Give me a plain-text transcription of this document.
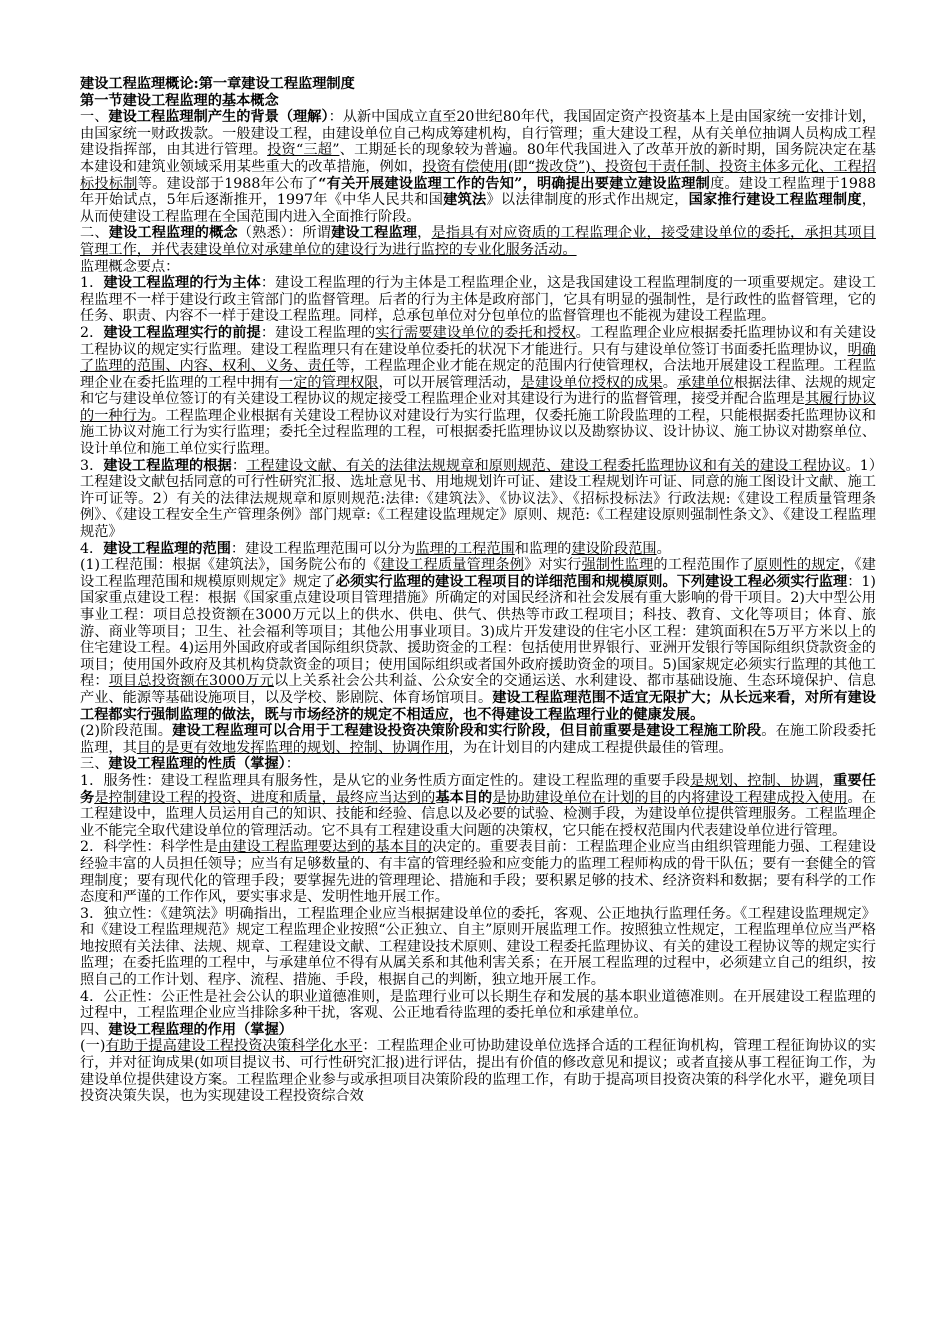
建设工程监理概论:第一章建设工程监理制度

第一节建设工程监理的基本概念

一、建设工程监理制产生的背景（理解）：从新中国成立直至20世纪80年代，我国固定资产投资基本上是由国家统一安排计划，由国家统一财政拨款。一般建设工程，由建设单位自己构成筹建机构，自行管理；重大建设工程，从有关单位抽调人员构成工程建设指挥部，由其进行管理。投资“三超”、工期延长的现象较为普遍。80年代我国进入了改革开放的新时期，国务院决定在基本建设和建筑业领域采用某些重大的改革措施，例如，投资有偿使用(即“拨改贷”)、投资包干责任制、投资主体多元化、工程招标投标制等。建设部于1988年公布了“有关开展建设监理工作的告知”，明确提出要建立建设监理制度。建设工程监理于1988年开始试点，5年后逐渐推开，1997年《中华人民共和国建筑法》以法律制度的形式作出规定，国家推行建设工程监理制度，从而使建设工程监理在全国范围内进入全面推行阶段。

二、建设工程监理的概念（熟悉）：所谓建设工程监理，是指具有对应资质的工程监理企业，接受建设单位的委托，承担其项目管理工作，并代表建设单位对承建单位的建设行为进行监控的专业化服务活动。

监理概念要点：

1．建设工程监理的行为主体：建设工程监理的行为主体是工程监理企业，这是我国建设工程监理制度的一项重要规定。建设工程监理不一样于建设行政主管部门的监督管理。后者的行为主体是政府部门，它具有明显的强制性，是行政性的监督管理，它的任务、职责、内容不一样于建设工程监理。同样，总承包单位对分包单位的监督管理也不能视为建设工程监理。

2．建设工程监理实行的前提：建设工程监理的实行需要建设单位的委托和授权。工程监理企业应根据委托监理协议和有关建设工程协议的规定实行监理。建设工程监理只有在建设单位委托的状况下才能进行。只有与建设单位签订书面委托监理协议，明确了监理的范围、内容、权利、义务、责任等，工程监理企业才能在规定的范围内行使管理权，合法地开展建设工程监理。工程监理企业在委托监理的工程中拥有一定的管理权限，可以开展管理活动，是建设单位授权的成果。承建单位根据法律、法规的规定和它与建设单位签订的有关建设工程协议的规定接受工程监理企业对其建设行为进行的监督管理，接受并配合监理是其履行协议的一种行为。工程监理企业根据有关建设工程协议对建设行为实行监理，仅委托施工阶段监理的工程，只能根据委托监理协议和施工协议对施工行为实行监理；委托全过程监理的工程，可根据委托监理协议以及勘察协议、设计协议、施工协议对勘察单位、设计单位和施工单位实行监理。

3．建设工程监理的根据：工程建设文献、有关的法律法规规章和原则规范、建设工程委托监理协议和有关的建设工程协议。1）工程建设文献包括同意的可行性研究汇报、选址意见书、用地规划许可证、建设工程规划许可证、同意的施工图设计文献、施工许可证等。2）有关的法律法规规章和原则规范:法律:《建筑法》、《协议法》、《招标投标法》行政法规:《建设工程质量管理条例》、《建设工程安全生产管理条例》部门规章:《工程建设监理规定》原则、规范:《工程建设原则强制性条文》、《建设工程监理规范》

4．建设工程监理的范围：建设工程监理范围可以分为监理的工程范围和监理的建设阶段范围。

(1)工程范围：根据《建筑法》，国务院公布的《建设工程质量管理条例》对实行强制性监理的工程范围作了原则性的规定，《建设工程监理范围和规模原则规定》规定了必须实行监理的建设工程项目的详细范围和规模原则。下列建设工程必须实行监理：1)国家重点建设工程：根据《国家重点建设项目管理措施》所确定的对国民经济和社会发展有重大影响的骨干项目。2)大中型公用事业工程：项目总投资额在3000万元以上的供水、供电、供气、供热等市政工程项目；科技、教育、文化等项目；体育、旅游、商业等项目；卫生、社会福利等项目；其他公用事业项目。3)成片开发建设的住宅小区工程：建筑面积在5万平方米以上的住宅建设工程。4)运用外国政府或者国际组织贷款、援助资金的工程：包括使用世界银行、亚洲开发银行等国际组织贷款资金的项目；使用国外政府及其机构贷款资金的项目；使用国际组织或者国外政府援助资金的项目。5)国家规定必须实行监理的其他工程：项目总投资额在3000万元以上关系社会公共利益、公众安全的交通运送、水利建设、都市基础设施、生态环境保护、信息产业、能源等基础设施项目，以及学校、影剧院、体育场馆项目。建设工程监理范围不适宜无限扩大；从长远来看，对所有建设工程都实行强制监理的做法，既与市场经济的规定不相适应，也不得建设工程监理行业的健康发展。

(2)阶段范围。建设工程监理可以合用于工程建设投资决策阶段和实行阶段，但目前重要是建设工程施工阶段。在施工阶段委托监理，其目的是更有效地发挥监理的规划、控制、协调作用，为在计划目的内建成工程提供最佳的管理。

三、建设工程监理的性质（掌握）：

1．服务性：建设工程监理具有服务性，是从它的业务性质方面定性的。建设工程监理的重要手段是规划、控制、协调，重要任务是控制建设工程的投资、进度和质量，最终应当达到的基本目的是协助建设单位在计划的目的内将建设工程建成投入使用。在工程建设中，监理人员运用自己的知识、技能和经验、信息以及必要的试验、检测手段，为建设单位提供管理服务。工程监理企业不能完全取代建设单位的管理活动。它不具有工程建设重大问题的决策权，它只能在授权范围内代表建设单位进行管理。

2．科学性：科学性是由建设工程监理要达到的基本目的决定的。重要表目前：工程监理企业应当由组织管理能力强、工程建设经验丰富的人员担任领导；应当有足够数量的、有丰富的管理经验和应变能力的监理工程师构成的骨干队伍；要有一套健全的管理制度；要有现代化的管理手段；要掌握先进的管理理论、措施和手段；要积累足够的技术、经济资料和数据；要有科学的工作态度和严谨的工作作风，要实事求是、发明性地开展工作。

3．独立性：《建筑法》明确指出，工程监理企业应当根据建设单位的委托，客观、公正地执行监理任务。《工程建设监理规定》和《建设工程监理规范》规定工程监理企业按照“公正独立、自主”原则开展监理工作。按照独立性规定，工程监理单位应当严格地按照有关法律、法规、规章、工程建设文献、工程建设技术原则、建设工程委托监理协议、有关的建设工程协议等的规定实行监理；在委托监理的工程中，与承建单位不得有从属关系和其他利害关系；在开展工程监理的过程中，必须建立自己的组织，按照自己的工作计划、程序、流程、措施、手段，根据自己的判断，独立地开展工作。

4．公正性：公正性是社会公认的职业道德准则，是监理行业可以长期生存和发展的基本职业道德准则。在开展建设工程监理的过程中，工程监理企业应当排除多种干扰，客观、公正地看待监理的委托单位和承建单位。

四、建设工程监理的作用（掌握）

(一)有助于提高建设工程投资决策科学化水平：工程监理企业可协助建设单位选择合适的工程征询机构，管理工程征询协议的实行，并对征询成果(如项目提议书、可行性研究汇报)进行评估，提出有价值的修改意见和提议；或者直接从事工程征询工作，为建设单位提供建设方案。工程监理企业参与或承担项目决策阶段的监理工作，有助于提高项目投资决策的科学化水平，避免项目投资决策失误，也为实现建设工程投资综合效
